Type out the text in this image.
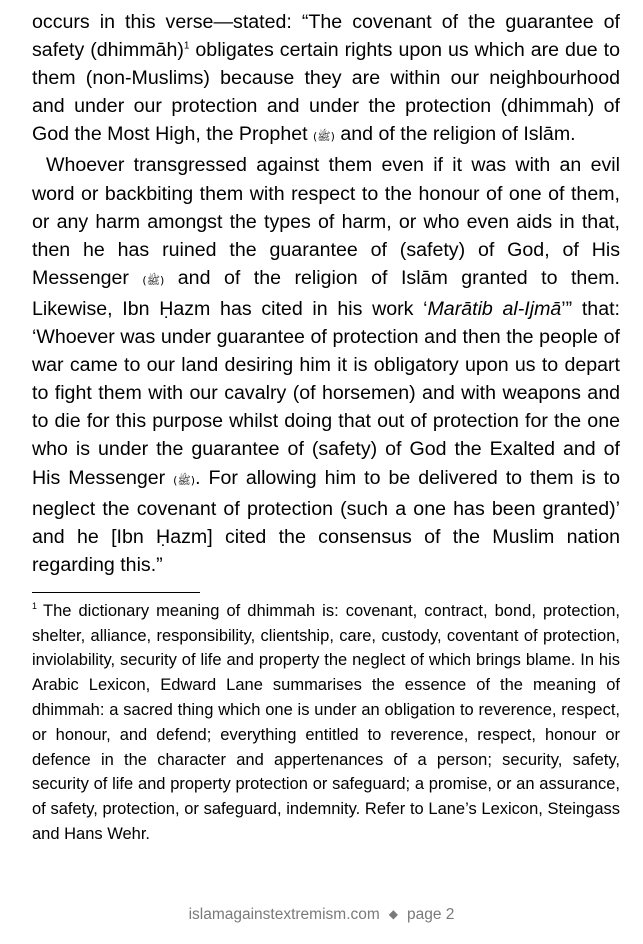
occurs in this verse—stated: “The covenant of the guarantee of safety (dhimmāh)$^1$ obligates certain rights upon us which are due to them (non-Muslims) because they are within our neighbourhood and under our protection and under the protection (dhimmah) of God the Most High, the Prophet (ﷺ) and of the religion of Islām.

Whoever transgressed against them even if it was with an evil word or backbiting them with respect to the honour of one of them, or any harm amongst the types of harm, or who even aids in that, then he has ruined the guarantee of (safety) of God, of His Messenger (ﷺ) and of the religion of Islām granted to them. Likewise, Ibn Ḥazm has cited in his work ‘Marātib al-Ijmā’” that: ‘Whoever was under guarantee of protection and then the people of war came to our land desiring him it is obligatory upon us to depart to fight them with our cavalry (of horsemen) and with weapons and to die for this purpose whilst doing that out of protection for the one who is under the guarantee of (safety) of God the Exalted and of His Messenger (ﷺ). For allowing him to be delivered to them is to neglect the covenant of protection (such a one has been granted)’ and he [Ibn Ḥazm] cited the consensus of the Muslim nation regarding this.”

$^1$ The dictionary meaning of dhimmah is: covenant, contract, bond, protection, shelter, alliance, responsibility, clientship, care, custody, coventant of protection, inviolability, security of life and property the neglect of which brings blame. In his Arabic Lexicon, Edward Lane summarises the essence of the meaning of dhimmah: a sacred thing which one is under an obligation to reverence, respect, or honour, and defend; everything entitled to reverence, respect, honour or defence in the character and appertenances of a person; security, safety, security of life and property protection or safeguard; a promise, or an assurance, of safety, protection, or safeguard, indemnity. Refer to Lane’s Lexicon, Steingass and Hans Wehr.

islamagainstextremism.com ◆ page 2
